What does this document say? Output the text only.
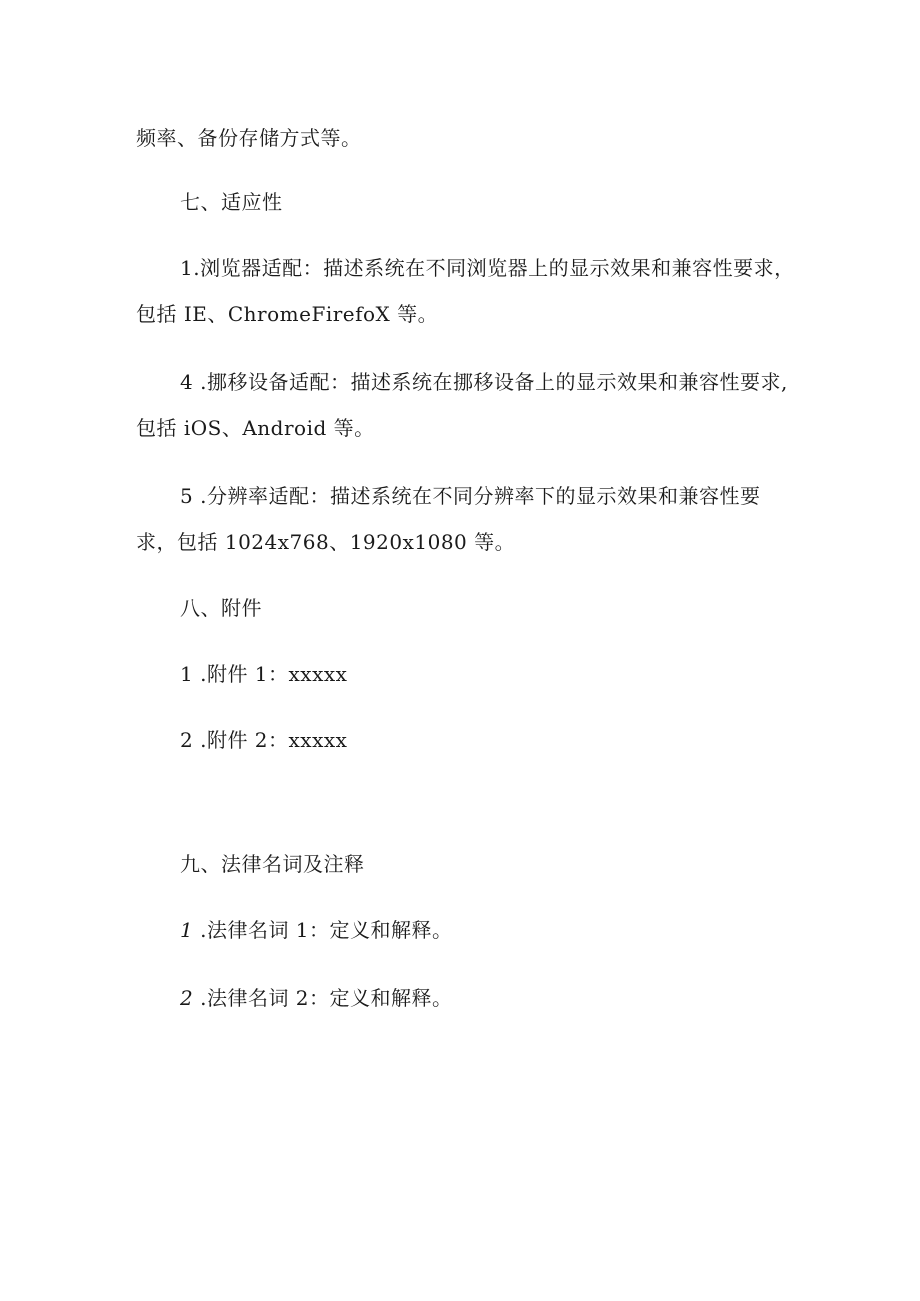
频率、备份存储方式等。
七、适应性
1.浏览器适配：描述系统在不同浏览器上的显示效果和兼容性要求，
包括 IE、ChromeFirefoX 等。
4 .挪移设备适配：描述系统在挪移设备上的显示效果和兼容性要求,
包括 iOS、Android 等。
5 .分辨率适配：描述系统在不同分辨率下的显示效果和兼容性要
求，包括 1024x768、1920x1080 等。
八、附件
1 .附件 1：xxxxx
2 .附件 2：xxxxx
九、法律名词及注释
1 .法律名词 1：定义和解释。
2 .法律名词 2：定义和解释。
